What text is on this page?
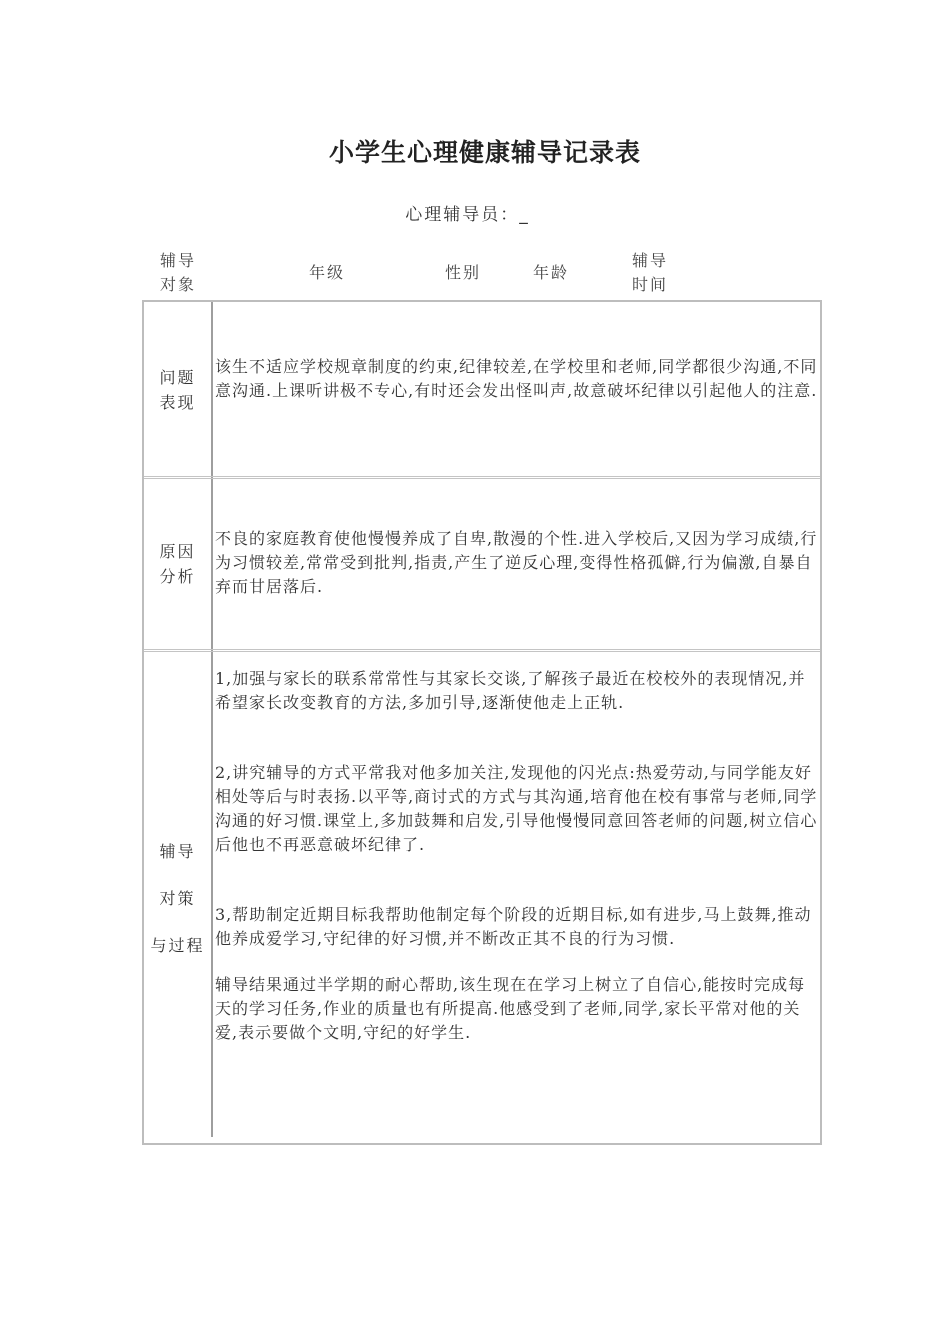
小学生心理健康辅导记录表
心理辅导员：_
辅导
对象
年级	性别	年龄
辅导
时间
问题
表现
该生不适应学校规章制度的约束,纪律较差,在学校里和老师,同学都很少沟通,不同意沟通.上课听讲极不专心,有时还会发出怪叫声,故意破坏纪律以引起他人的注意.
原因
分析
不良的家庭教育使他慢慢养成了自卑,散漫的个性.进入学校后,又因为学习成绩,行为习惯较差,常常受到批判,指责,产生了逆反心理,变得性格孤僻,行为偏激,自暴自弃而甘居落后.
辅导
对策
与过程

1,加强与家长的联系常常性与其家长交谈,了解孩子最近在校校外的表现情况,并希望家长改变教育的方法,多加引导,逐渐使他走上正轨.

2,讲究辅导的方式平常我对他多加关注,发现他的闪光点:热爱劳动,与同学能友好相处等后与时表扬.以平等,商讨式的方式与其沟通,培育他在校有事常与老师,同学沟通的好习惯.课堂上,多加鼓舞和启发,引导他慢慢同意回答老师的问题,树立信心后他也不再恶意破坏纪律了.

3,帮助制定近期目标我帮助他制定每个阶段的近期目标,如有进步,马上鼓舞,推动他养成爱学习,守纪律的好习惯,并不断改正其不良的行为习惯.

辅导结果通过半学期的耐心帮助,该生现在在学习上树立了自信心,能按时完成每天的学习任务,作业的质量也有所提高.他感受到了老师,同学,家长平常对他的关爱,表示要做个文明,守纪的好学生.
